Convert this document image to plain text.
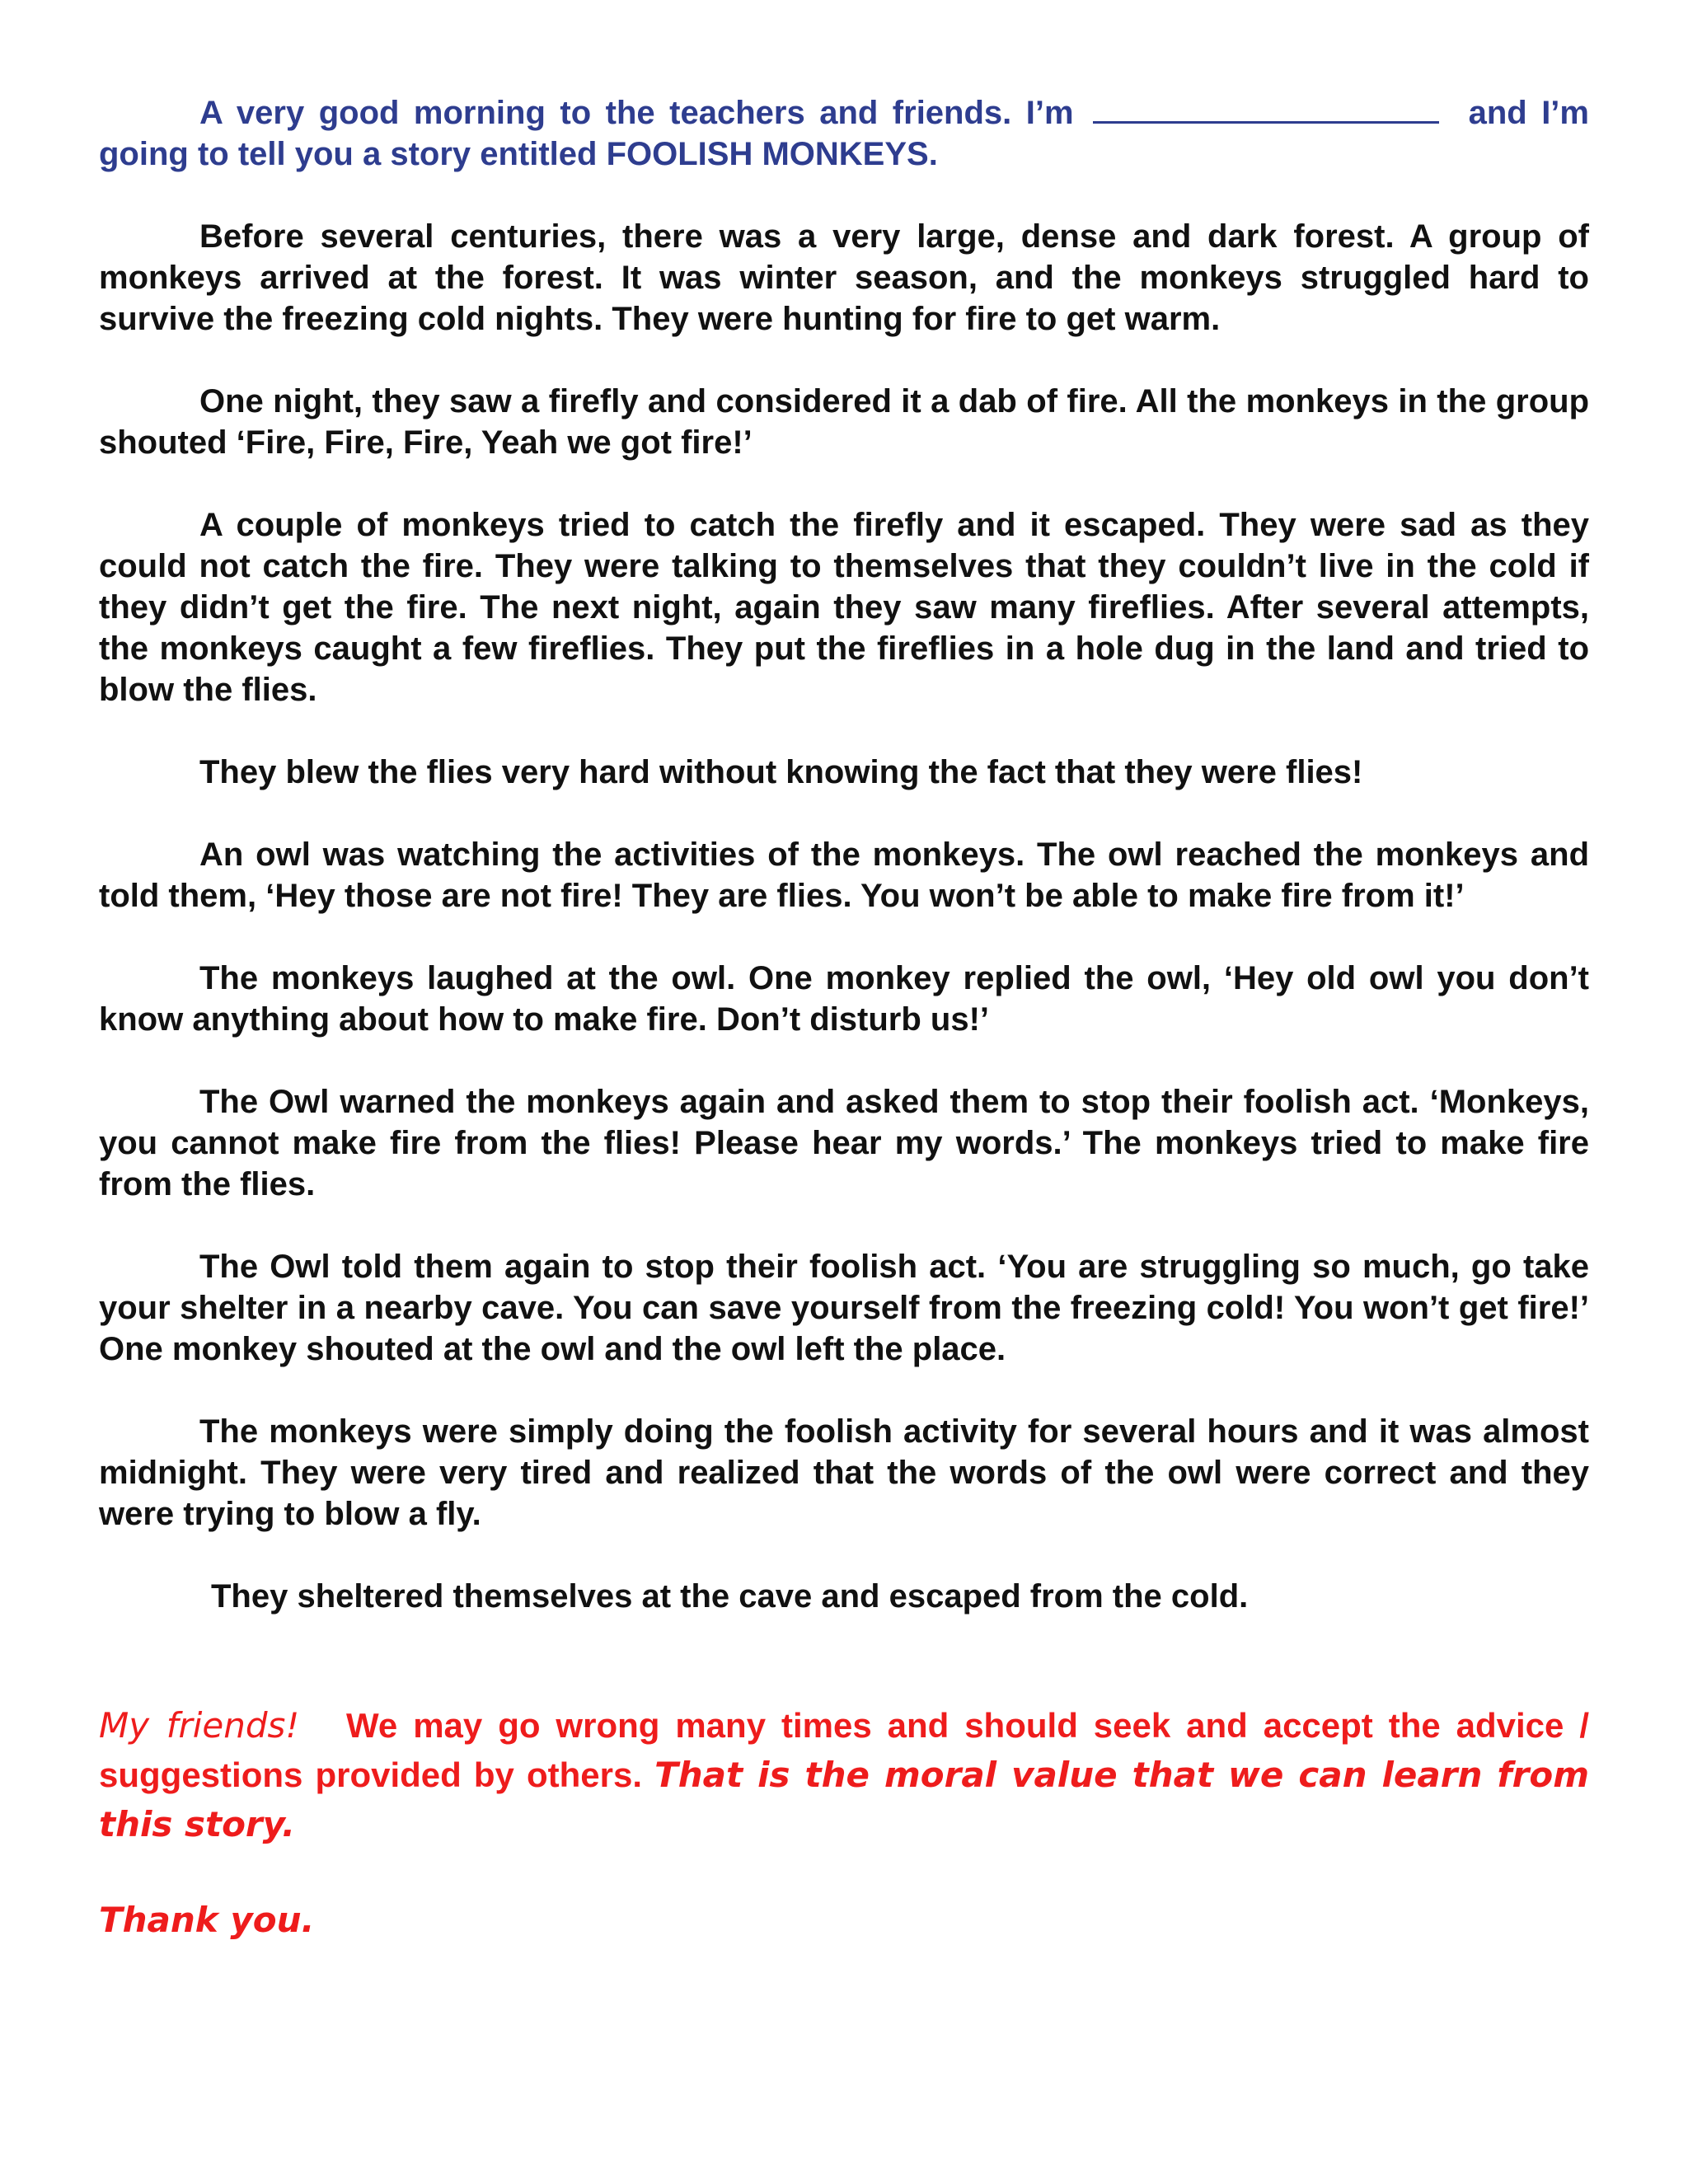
A very good morning to the teachers and friends. I’m	and I’m going to tell you a story entitled FOOLISH MONKEYS.

Before several centuries, there was a very large, dense and dark forest. A group of monkeys arrived at the forest. It was winter season, and the monkeys struggled hard to survive the freezing cold nights. They were hunting for fire to get warm.

One night, they saw a firefly and considered it a dab of fire. All the monkeys in the group shouted ‘Fire, Fire, Fire, Yeah we got fire!’

A couple of monkeys tried to catch the firefly and it escaped. They were sad as they could not catch the fire. They were talking to themselves that they couldn’t live in the cold if they didn’t get the fire. The next night, again they saw many fireflies. After several attempts, the monkeys caught a few fireflies. They put the fireflies in a hole dug in the land and tried to blow the flies.

They blew the flies very hard without knowing the fact that they were flies!

An owl was watching the activities of the monkeys. The owl reached the monkeys and told them, ‘Hey those are not fire! They are flies. You won’t be able to make fire from it!’

The monkeys laughed at the owl. One monkey replied the owl, ‘Hey old owl you don’t know anything about how to make fire. Don’t disturb us!’

The Owl warned the monkeys again and asked them to stop their foolish act. ‘Monkeys, you cannot make fire from the flies! Please hear my words.’ The monkeys tried to make fire from the flies.

The Owl told them again to stop their foolish act. ‘You are struggling so much, go take your shelter in a nearby cave. You can save yourself from the freezing cold! You won’t get fire!’ One monkey shouted at the owl and the owl left the place.

The monkeys were simply doing the foolish activity for several hours and it was almost midnight. They were very tired and realized that the words of the owl were correct and they were trying to blow a fly.

They sheltered themselves at the cave and escaped from the cold.

My friends! We may go wrong many times and should seek and accept the advice / suggestions provided by others. That is the moral value that we can learn from this story.

Thank you.
